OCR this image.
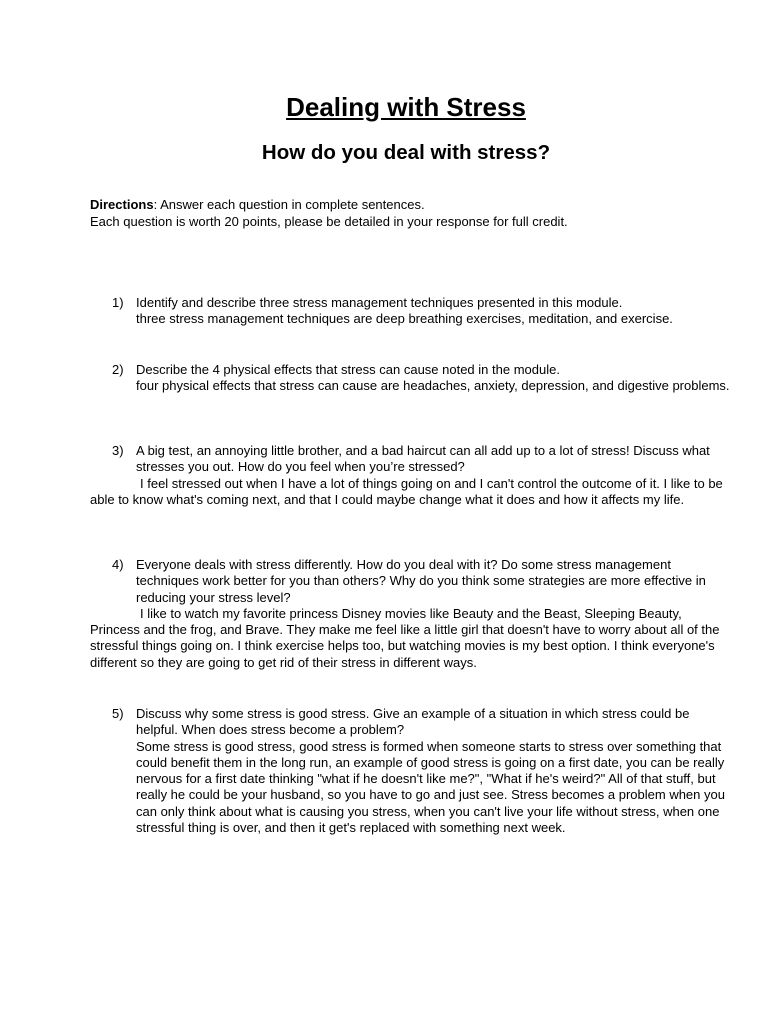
Dealing with Stress
How do you deal with stress?
Directions: Answer each question in complete sentences.
Each question is worth 20 points, please be detailed in your response for full credit.
1) Identify and describe three stress management techniques presented in this module.
three stress management techniques are deep breathing exercises, meditation, and exercise.
2) Describe the 4 physical effects that stress can cause noted in the module.
four physical effects that stress can cause are headaches, anxiety, depression, and digestive problems.
3) A big test, an annoying little brother, and a bad haircut can all add up to a lot of stress! Discuss what stresses you out. How do you feel when you’re stressed?
I feel stressed out when I have a lot of things going on and I can't control the outcome of it. I like to be able to know what's coming next, and that I could maybe change what it does and how it affects my life.
4) Everyone deals with stress differently. How do you deal with it? Do some stress management techniques work better for you than others? Why do you think some strategies are more effective in reducing your stress level?
I like to watch my favorite princess Disney movies like Beauty and the Beast, Sleeping Beauty, Princess and the frog, and Brave. They make me feel like a little girl that doesn't have to worry about all of the stressful things going on. I think exercise helps too, but watching movies is my best option. I think everyone's different so they are going to get rid of their stress in different ways.
5) Discuss why some stress is good stress. Give an example of a situation in which stress could be helpful. When does stress become a problem?
Some stress is good stress, good stress is formed when someone starts to stress over something that could benefit them in the long run, an example of good stress is going on a first date, you can be really nervous for a first date thinking "what if he doesn't like me?", "What if he's weird?" All of that stuff, but really he could be your husband, so you have to go and just see. Stress becomes a problem when you can only think about what is causing you stress, when you can't live your life without stress, when one stressful thing is over, and then it get's replaced with something next week.
